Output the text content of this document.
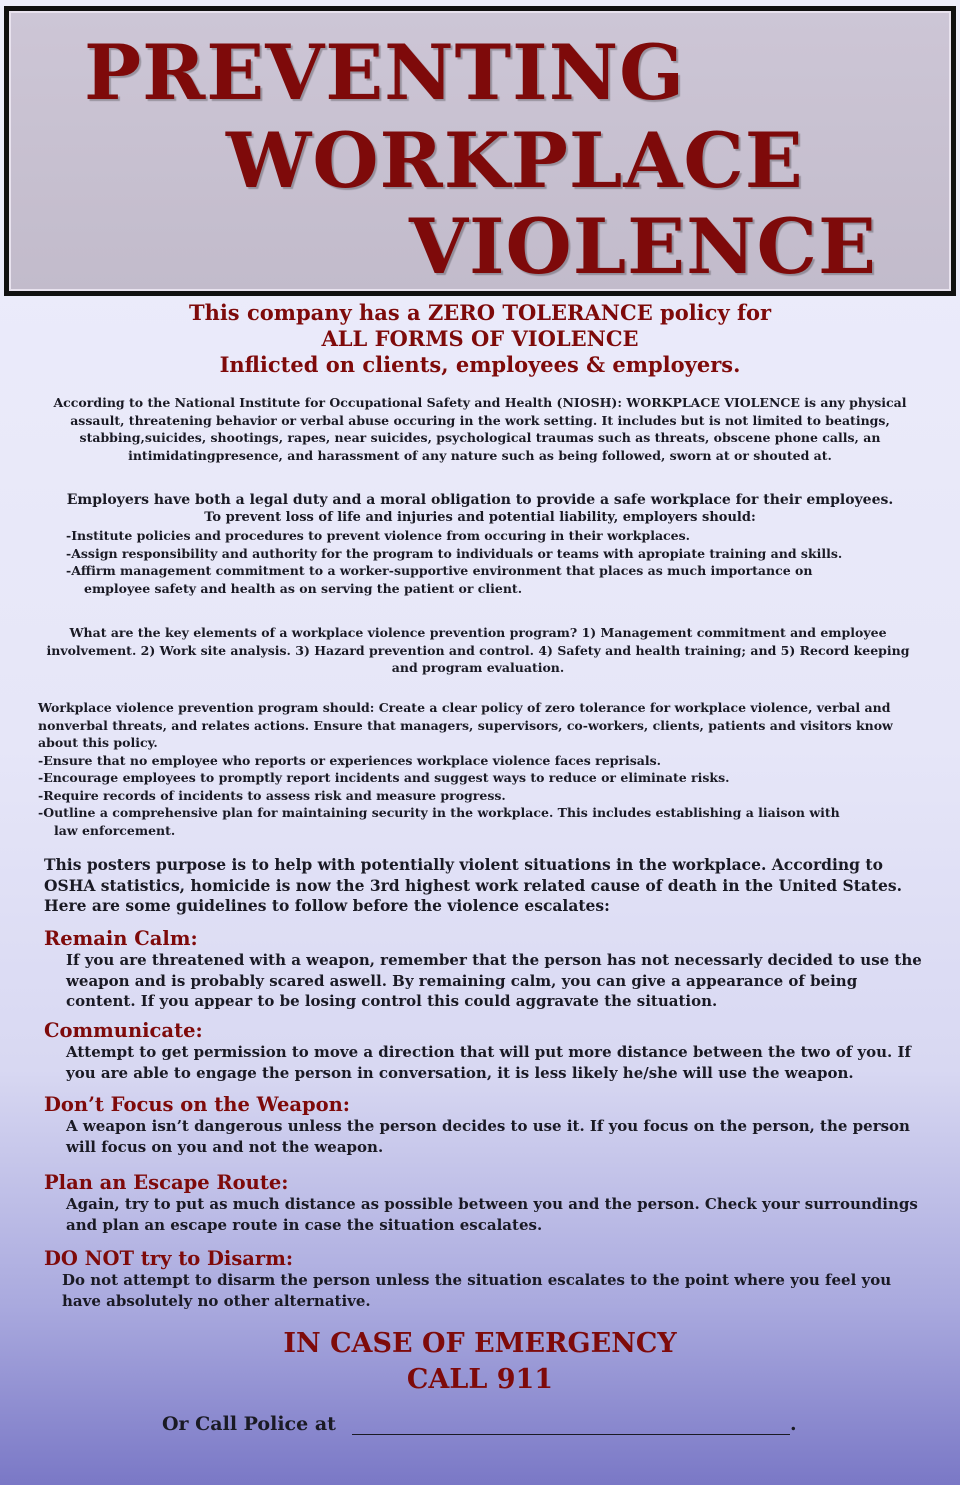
PREVENTING
WORKPLACE
VIOLENCE
This company has a ZERO TOLERANCE policy for
ALL FORMS OF VIOLENCE
Inflicted on clients, employees & employers.
According to the National Institute for Occupational Safety and Health (NIOSH): WORKPLACE VIOLENCE is any physical assault, threatening behavior or verbal abuse occuring in the work setting. It includes but is not limited to beatings, stabbing,suicides, shootings, rapes, near suicides, psychological traumas such as threats, obscene phone calls, an intimidatingpresence, and harassment of any nature such as being followed, sworn at or shouted at.
Employers have both a legal duty and a moral obligation to provide a safe workplace for their employees.
To prevent loss of life and injuries and potential liability, employers should:
-Institute policies and procedures to prevent violence from occuring in their workplaces.
-Assign responsibility and authority for the program to individuals or teams with apropiate training and skills.
-Affirm management commitment to a worker-supportive environment that places as much importance on
employee safety and health as on serving the patient or client.
What are the key elements of a workplace violence prevention program? 1) Management commitment and employee involvement. 2) Work site analysis. 3) Hazard prevention and control. 4) Safety and health training; and 5) Record keeping and program evaluation.
Workplace violence prevention program should: Create a clear policy of zero tolerance for workplace violence, verbal and nonverbal threats, and relates actions. Ensure that managers, supervisors, co-workers, clients, patients and visitors know about this policy.
-Ensure that no employee who reports or experiences workplace violence faces reprisals.
-Encourage employees to promptly report incidents and suggest ways to reduce or eliminate risks.
-Require records of incidents to assess risk and measure progress.
-Outline a comprehensive plan for maintaining security in the workplace. This includes establishing a liaison with
law enforcement.
This posters purpose is to help with potentially violent situations in the workplace. According to OSHA statistics, homicide is now the 3rd highest work related cause of death in the United States. Here are some guidelines to follow before the violence escalates:
Remain Calm:

If you are threatened with a weapon, remember that the person has not necessarly decided to use the weapon and is probably scared aswell. By remaining calm, you can give a appearance of being content. If you appear to be losing control this could aggravate the situation.

Communicate:

Attempt to get permission to move a direction that will put more distance between the two of you. If you are able to engage the person in conversation, it is less likely he/she will use the weapon.

Don’t Focus on the Weapon:

A weapon isn’t dangerous unless the person decides to use it. If you focus on the person, the person will focus on you and not the weapon.

Plan an Escape Route:

Again, try to put as much distance as possible between you and the person. Check your surroundings and plan an escape route in case the situation escalates.

DO NOT try to Disarm:

Do not attempt to disarm the person unless the situation escalates to the point where you feel you have absolutely no other alternative.

IN CASE OF EMERGENCY
CALL 911
Or Call Police at	.
